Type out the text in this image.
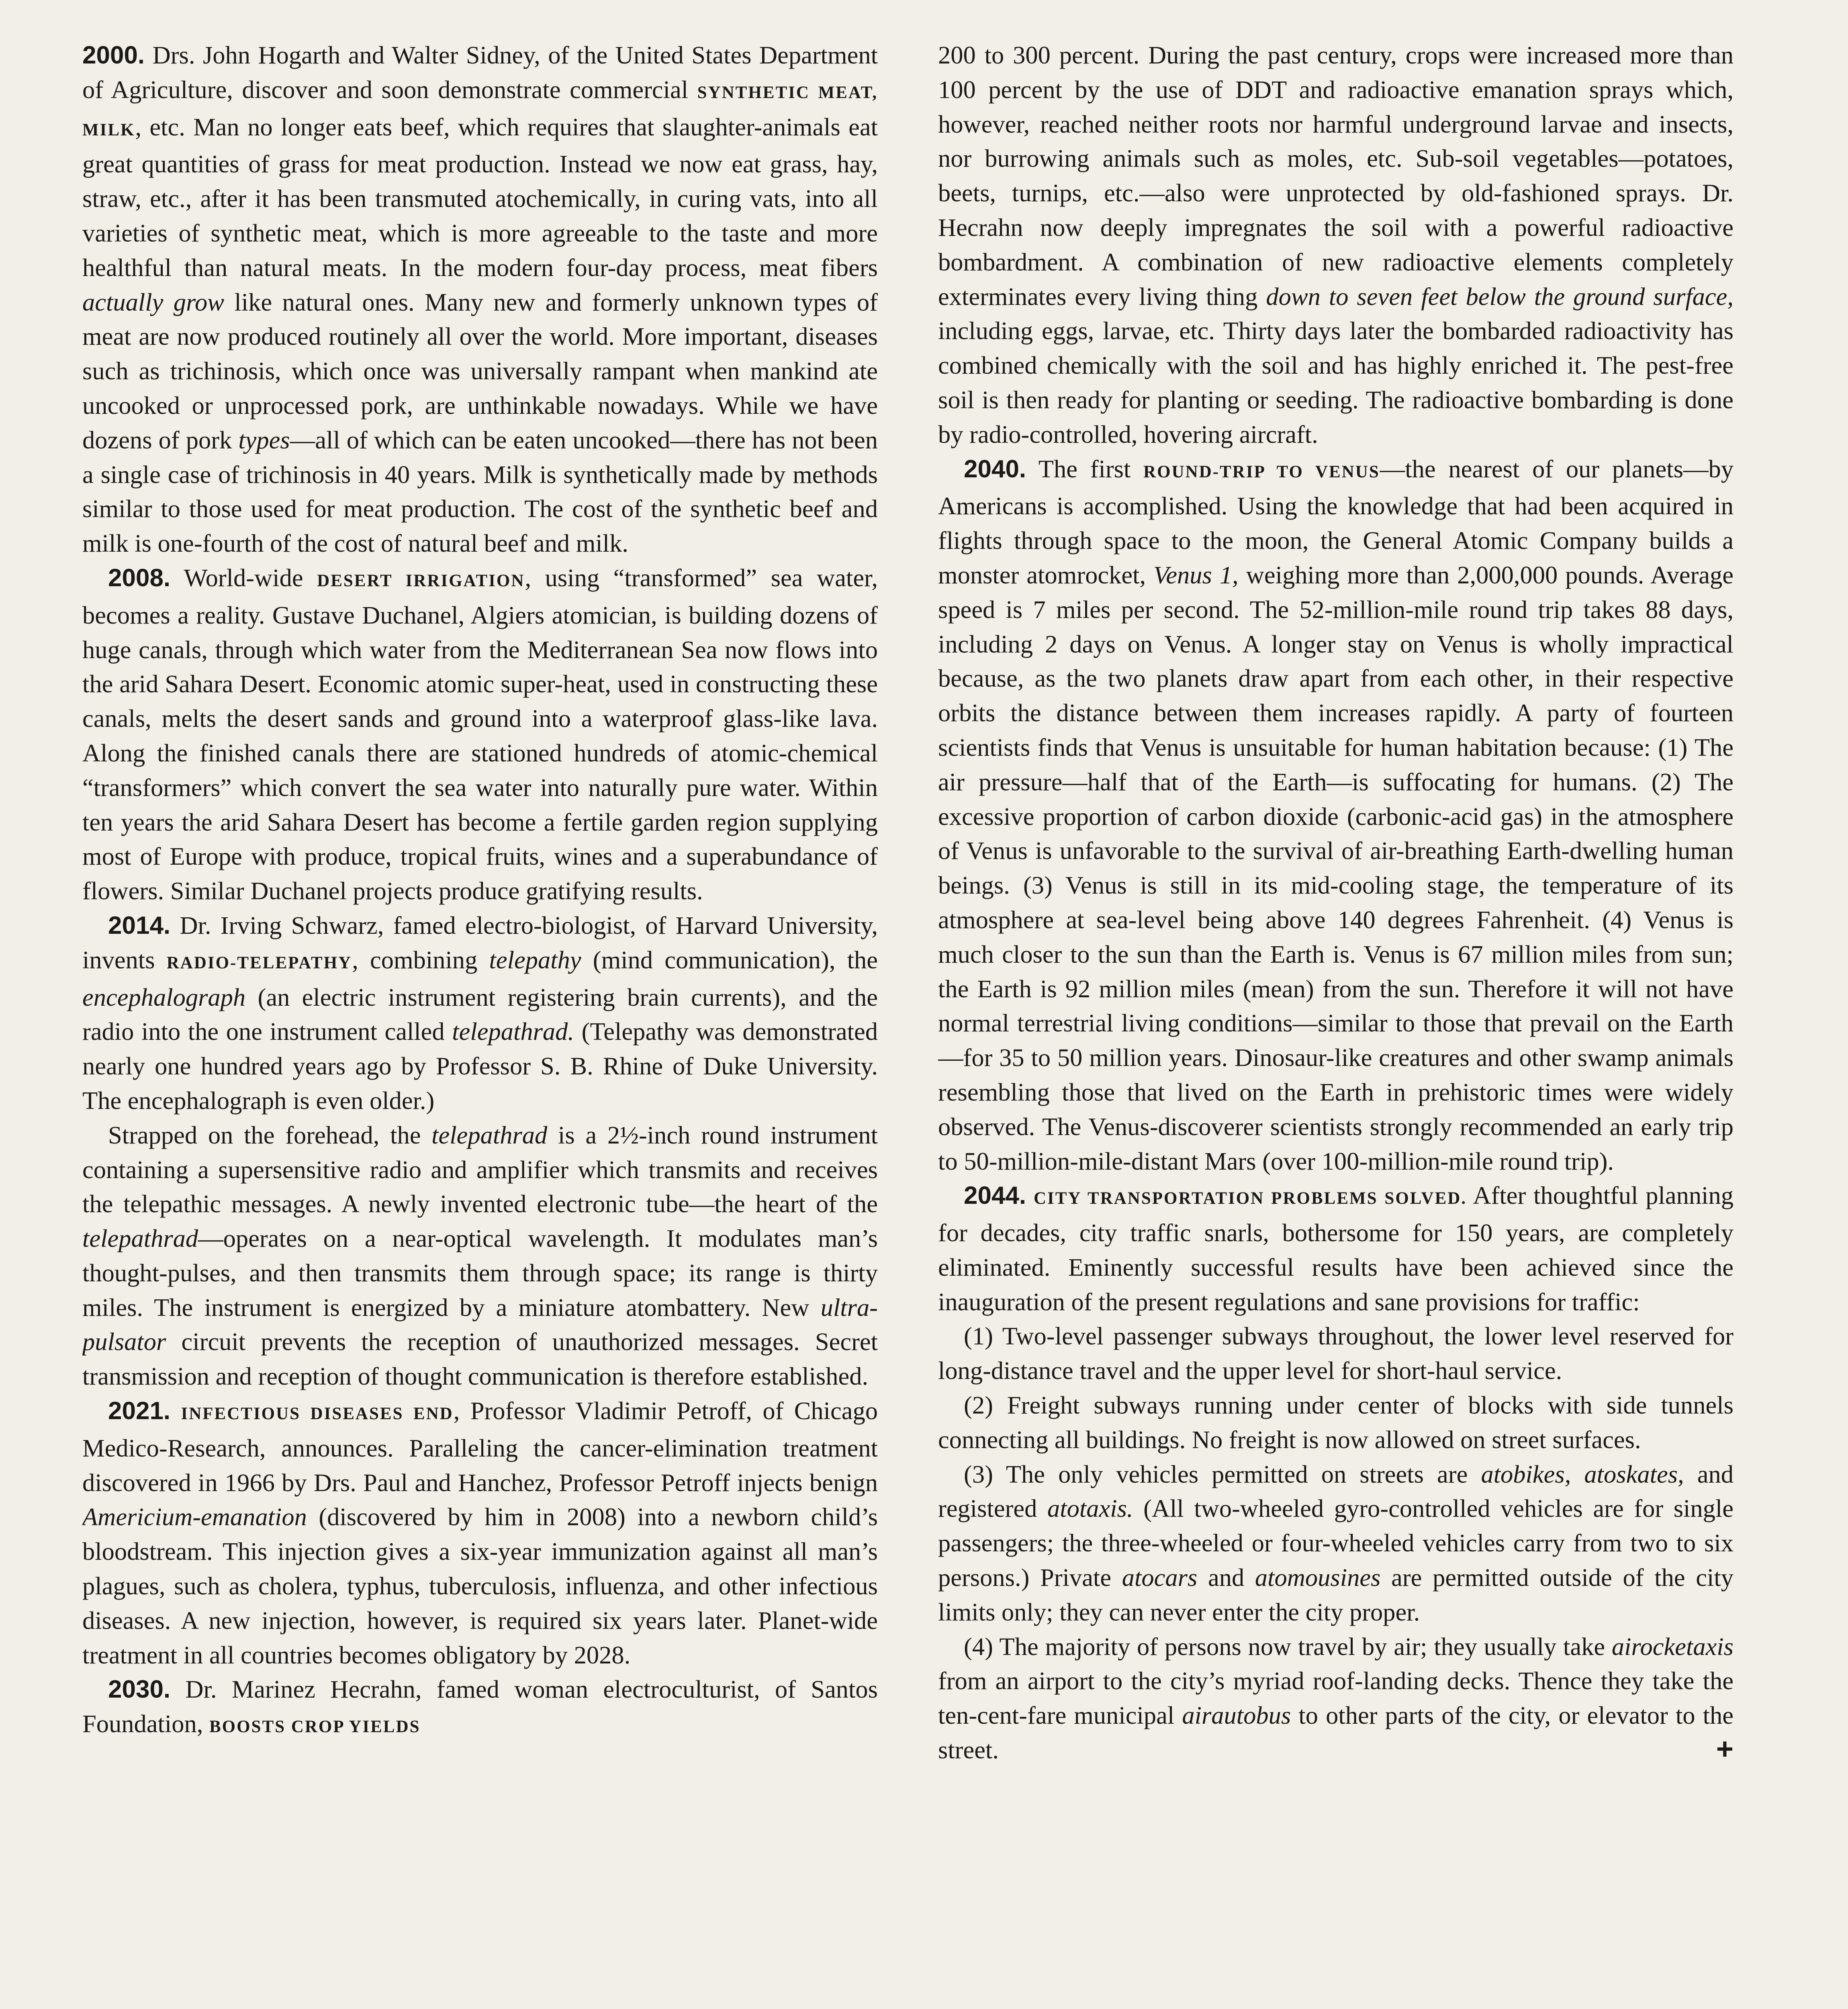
2000. Drs. John Hogarth and Walter Sidney, of the United States Department of Agriculture, discover and soon demonstrate commercial SYNTHETIC MEAT, MILK, etc. Man no longer eats beef, which requires that slaughter-animals eat great quantities of grass for meat production. Instead we now eat grass, hay, straw, etc., after it has been transmuted atochemically, in curing vats, into all varieties of synthetic meat, which is more agreeable to the taste and more healthful than natural meats. In the modern four-day process, meat fibers actually grow like natural ones. Many new and formerly unknown types of meat are now produced routinely all over the world. More important, diseases such as trichinosis, which once was universally rampant when mankind ate uncooked or unprocessed pork, are unthinkable nowadays. While we have dozens of pork types—all of which can be eaten uncooked—there has not been a single case of trichinosis in 40 years. Milk is synthetically made by methods similar to those used for meat production. The cost of the synthetic beef and milk is one-fourth of the cost of natural beef and milk.

2008. World-wide DESERT IRRIGATION, using “transformed” sea water, becomes a reality. Gustave Duchanel, Algiers atomician, is building dozens of huge canals, through which water from the Mediterranean Sea now flows into the arid Sahara Desert. Economic atomic super-heat, used in constructing these canals, melts the desert sands and ground into a waterproof glass-like lava. Along the finished canals there are stationed hundreds of atomic-chemical “transformers” which convert the sea water into naturally pure water. Within ten years the arid Sahara Desert has become a fertile garden region supplying most of Europe with produce, tropical fruits, wines and a superabundance of flowers. Similar Duchanel projects produce gratifying results.

2014. Dr. Irving Schwarz, famed electro-biologist, of Harvard University, invents RADIO-TELEPATHY, combining telepathy (mind communication), the encephalograph (an electric instrument registering brain currents), and the radio into the one instrument called telepathrad. (Telepathy was demonstrated nearly one hundred years ago by Professor S. B. Rhine of Duke University. The encephalograph is even older.)

Strapped on the forehead, the telepathrad is a 2½-inch round instrument containing a supersensitive radio and amplifier which transmits and receives the telepathic messages. A newly invented electronic tube—the heart of the telepathrad—operates on a near-optical wavelength. It modulates man’s thought-pulses, and then transmits them through space; its range is thirty miles. The instrument is energized by a miniature atombattery. New ultra-pulsator circuit prevents the reception of unauthorized messages. Secret transmission and reception of thought communication is therefore established.

2021. INFECTIOUS DISEASES END, Professor Vladimir Petroff, of Chicago Medico-Research, announces. Paralleling the cancer-elimination treatment discovered in 1966 by Drs. Paul and Hanchez, Professor Petroff injects benign Americium-emanation (discovered by him in 2008) into a newborn child’s bloodstream. This injection gives a six-year immunization against all man’s plagues, such as cholera, typhus, tuberculosis, influenza, and other infectious diseases. A new injection, however, is required six years later. Planet-wide treatment in all countries becomes obligatory by 2028.

2030. Dr. Marinez Hecrahn, famed woman electroculturist, of Santos Foundation, BOOSTS CROP YIELDS

200 to 300 percent. During the past century, crops were increased more than 100 percent by the use of DDT and radioactive emanation sprays which, however, reached neither roots nor harmful underground larvae and insects, nor burrowing animals such as moles, etc. Sub-soil vegetables—potatoes, beets, turnips, etc.—also were unprotected by old-fashioned sprays. Dr. Hecrahn now deeply impregnates the soil with a powerful radioactive bombardment. A combination of new radioactive elements completely exterminates every living thing down to seven feet below the ground surface, including eggs, larvae, etc. Thirty days later the bombarded radioactivity has combined chemically with the soil and has highly enriched it. The pest-free soil is then ready for planting or seeding. The radioactive bombarding is done by radio-controlled, hovering aircraft.

2040. The first ROUND-TRIP TO VENUS—the nearest of our planets—by Americans is accomplished. Using the knowledge that had been acquired in flights through space to the moon, the General Atomic Company builds a monster atomrocket, Venus 1, weighing more than 2,000,000 pounds. Average speed is 7 miles per second. The 52-million-mile round trip takes 88 days, including 2 days on Venus. A longer stay on Venus is wholly impractical because, as the two planets draw apart from each other, in their respective orbits the distance between them increases rapidly. A party of fourteen scientists finds that Venus is unsuitable for human habitation because: (1) The air pressure—half that of the Earth—is suffocating for humans. (2) The excessive proportion of carbon dioxide (carbonic-acid gas) in the atmosphere of Venus is unfavorable to the survival of air-breathing Earth-dwelling human beings. (3) Venus is still in its mid-cooling stage, the temperature of its atmosphere at sea-level being above 140 degrees Fahrenheit. (4) Venus is much closer to the sun than the Earth is. Venus is 67 million miles from sun; the Earth is 92 million miles (mean) from the sun. Therefore it will not have normal terrestrial living conditions—similar to those that prevail on the Earth—for 35 to 50 million years. Dinosaur-like creatures and other swamp animals resembling those that lived on the Earth in prehistoric times were widely observed. The Venus-discoverer scientists strongly recommended an early trip to 50-million-mile-distant Mars (over 100-million-mile round trip).

2044. CITY TRANSPORTATION PROBLEMS SOLVED. After thoughtful planning for decades, city traffic snarls, bothersome for 150 years, are completely eliminated. Eminently successful results have been achieved since the inauguration of the present regulations and sane provisions for traffic:

(1) Two-level passenger subways throughout, the lower level reserved for long-distance travel and the upper level for short-haul service.

(2) Freight subways running under center of blocks with side tunnels connecting all buildings. No freight is now allowed on street surfaces.

(3) The only vehicles permitted on streets are atobikes, atoskates, and registered atotaxis. (All two-wheeled gyro-controlled vehicles are for single passengers; the three-wheeled or four-wheeled vehicles carry from two to six persons.) Private atocars and atomousines are permitted outside of the city limits only; they can never enter the city proper.

(4) The majority of persons now travel by air; they usually take airocketaxis from an airport to the city’s myriad roof-landing decks. Thence they take the ten-cent-fare municipal airautobus to other parts of the city, or elevator to the street.	+
